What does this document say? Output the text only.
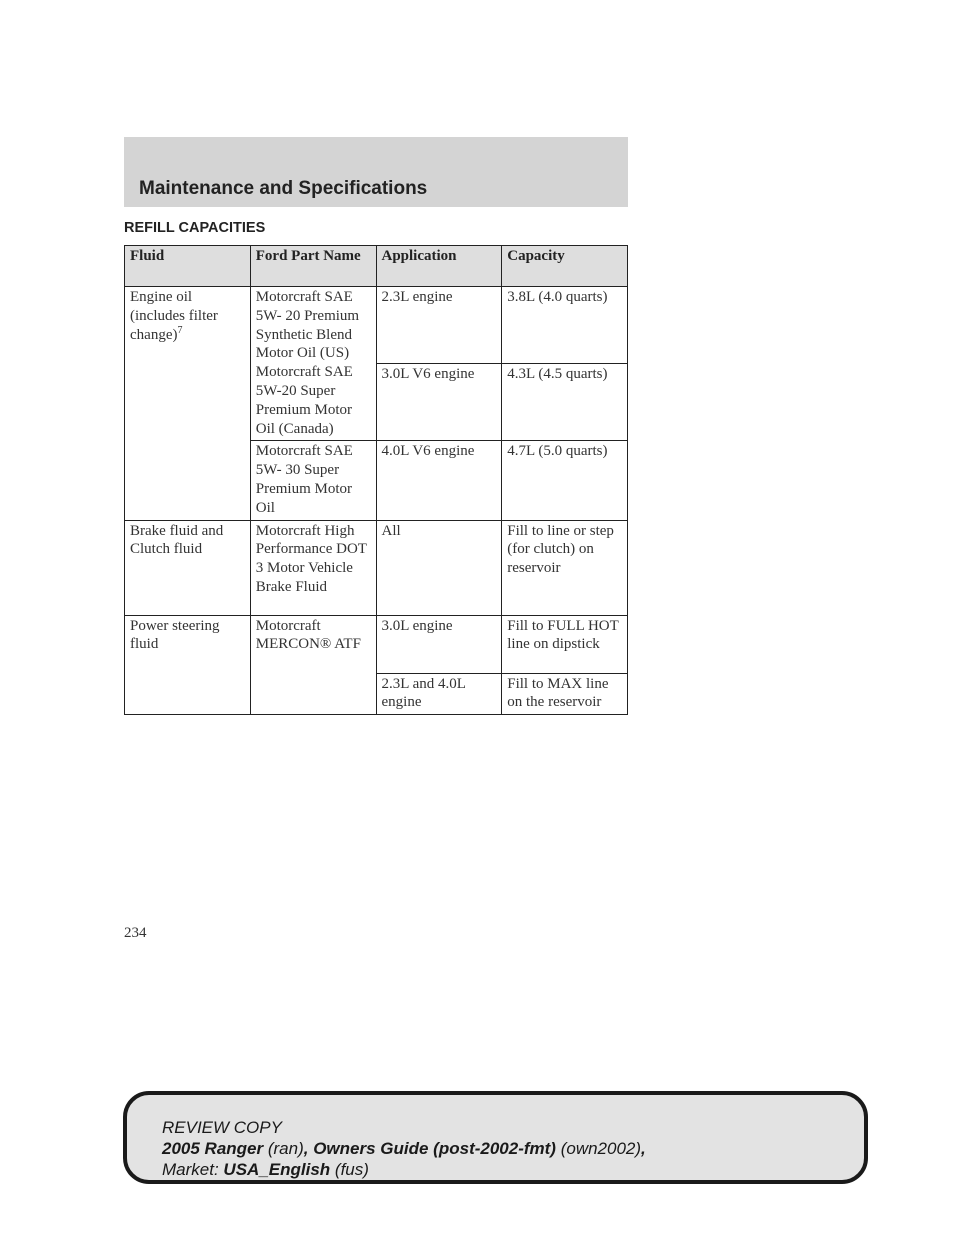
Maintenance and Specifications
REFILL CAPACITIES
Fluid	Ford Part Name	Application	Capacity
Engine oil (includes filter change)$^7$	Motorcraft SAE 5W- 20 Premium Synthetic Blend Motor Oil (US) Motorcraft SAE 5W-20 Super Premium Motor Oil (Canada)	2.3L engine	3.8L (4.0 quarts)
		3.0L V6 engine	4.3L (4.5 quarts)
	Motorcraft SAE 5W- 30 Super Premium Motor Oil	4.0L V6 engine	4.7L (5.0 quarts)
Brake fluid and Clutch fluid	Motorcraft High Performance DOT 3 Motor Vehicle Brake Fluid	All	Fill to line or step (for clutch) on reservoir
Power steering fluid	Motorcraft MERCON® ATF	3.0L engine	Fill to FULL HOT line on dipstick
		2.3L and 4.0L engine	Fill to MAX line on the reservoir
234
REVIEW COPY
2005 Ranger (ran), Owners Guide (post-2002-fmt) (own2002),
Market: USA_English (fus)
